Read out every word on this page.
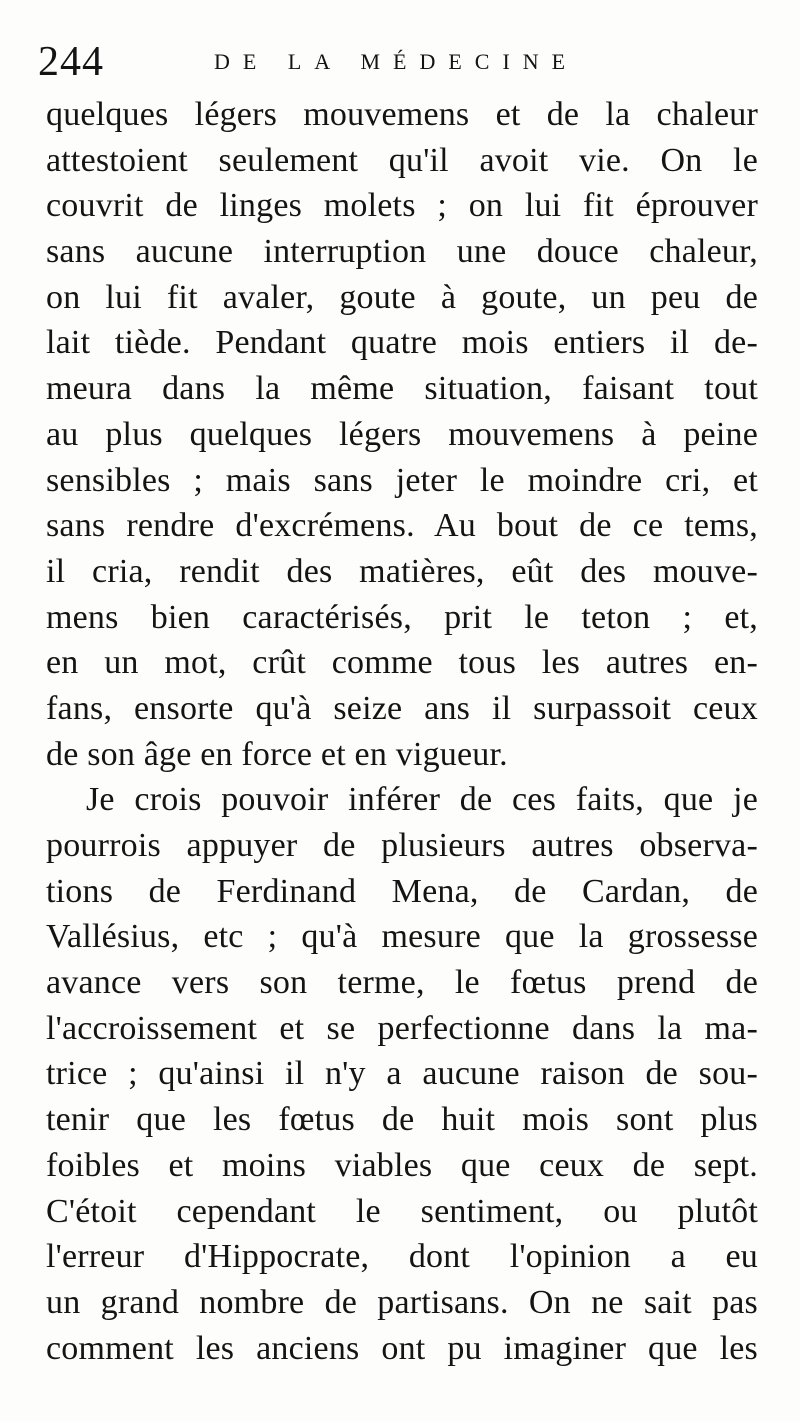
244	DE LA MÉDECINE
quelques légers mouvemens et de la chaleur
attestoient seulement qu'il avoit vie. On le
couvrit de linges molets ; on lui fit éprouver
sans aucune interruption une douce chaleur,
on lui fit avaler, goute à goute, un peu de
lait tiède. Pendant quatre mois entiers il de-
meura dans la même situation, faisant tout
au plus quelques légers mouvemens à peine
sensibles ; mais sans jeter le moindre cri, et
sans rendre d'excrémens. Au bout de ce tems,
il cria, rendit des matières, eût des mouve-
mens bien caractérisés, prit le teton ; et,
en un mot, crût comme tous les autres en-
fans, ensorte qu'à seize ans il surpassoit ceux
de son âge en force et en vigueur.
Je crois pouvoir inférer de ces faits, que je
pourrois appuyer de plusieurs autres observa-
tions de Ferdinand Mena, de Cardan, de
Vallésius, etc ; qu'à mesure que la grossesse
avance vers son terme, le fœtus prend de
l'accroissement et se perfectionne dans la ma-
trice ; qu'ainsi il n'y a aucune raison de sou-
tenir que les fœtus de huit mois sont plus
foibles et moins viables que ceux de sept.
C'étoit cependant le sentiment, ou plutôt
l'erreur d'Hippocrate, dont l'opinion a eu
un grand nombre de partisans. On ne sait pas
comment les anciens ont pu imaginer que les
